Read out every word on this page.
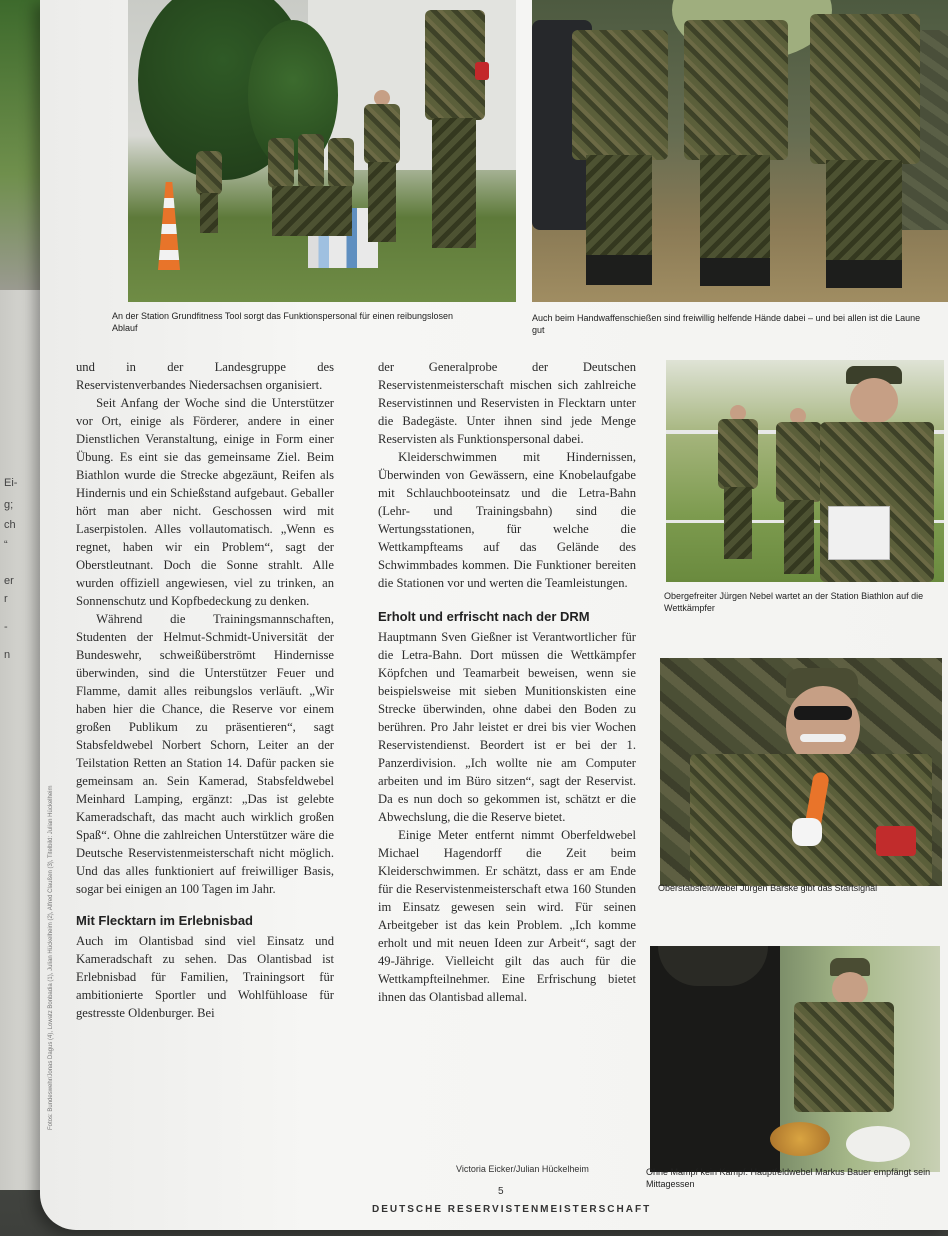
Ei-
g;
ch
“
er
r
-
n
Fotos: Bundeswehr/Jonas Dagus (4), Lowatz Bonbadia (1), Julian Hückelheim (2), Alfred Claußen (3), Titelbild: Julian Hückelheim
An der Station Grundfitness Tool sorgt das Funktionspersonal für einen reibungslosen Ablauf
Auch beim Handwaffenschießen sind freiwillig helfende Hände dabei – und bei allen ist die Laune gut

und in der Landesgruppe des Reservistenverbandes Niedersachsen organisiert.

Seit Anfang der Woche sind die Unterstützer vor Ort, einige als Förderer, andere in einer Dienstlichen Veranstaltung, einige in Form einer Übung. Es eint sie das gemeinsame Ziel. Beim Biathlon wurde die Strecke abgezäunt, Reifen als Hindernis und ein Schießstand aufgebaut. Geballer hört man aber nicht. Geschossen wird mit Laserpistolen. Alles vollautomatisch. „Wenn es regnet, haben wir ein Problem“, sagt der Oberstleutnant. Doch die Sonne strahlt. Alle wurden offiziell angewiesen, viel zu trinken, an Sonnenschutz und Kopfbedeckung zu denken.

Während die Trainingsmannschaften, Studenten der Helmut-Schmidt-Universität der Bundeswehr, schweißüberströmt Hindernisse überwinden, sind die Unterstützer Feuer und Flamme, damit alles reibungslos verläuft. „Wir haben hier die Chance, die Reserve vor einem großen Publikum zu präsentieren“, sagt Stabsfeldwebel Norbert Schorn, Leiter an der Teilstation Retten an Station 14. Dafür packen sie gemeinsam an. Sein Kamerad, Stabsfeldwebel Meinhard Lamping, ergänzt: „Das ist gelebte Kameradschaft, das macht auch wirklich großen Spaß“. Ohne die zahlreichen Unterstützer wäre die Deutsche Reservistenmeisterschaft nicht möglich. Und das alles funktioniert auf freiwilliger Basis, sogar bei einigen an 100 Tagen im Jahr.

Mit Flecktarn im Erlebnisbad

Auch im Olantisbad sind viel Einsatz und Kameradschaft zu sehen. Das Olantisbad ist Erlebnisbad für Familien, Trainingsort für ambitionierte Sportler und Wohlfühloase für gestresste Oldenburger. Bei

der Generalprobe der Deutschen Reservistenmeisterschaft mischen sich zahlreiche Reservistinnen und Reservisten in Flecktarn unter die Badegäste. Unter ihnen sind jede Menge Reservisten als Funktionspersonal dabei.

Kleiderschwimmen mit Hindernissen, Überwinden von Gewässern, eine Knobelaufgabe mit Schlauchbooteinsatz und die Letra-Bahn (Lehr- und Trainingsbahn) sind die Wertungsstationen, für welche die Wettkampfteams auf das Gelände des Schwimmbades kommen. Die Funktioner bereiten die Stationen vor und werten die Teamleistungen.

Erholt und erfrischt nach der DRM

Hauptmann Sven Gießner ist Verantwortlicher für die Letra-Bahn. Dort müssen die Wettkämpfer Köpfchen und Teamarbeit beweisen, wenn sie beispielsweise mit sieben Munitionskisten eine Strecke überwinden, ohne dabei den Boden zu berühren. Pro Jahr leistet er drei bis vier Wochen Reservistendienst. Beordert ist er bei der 1. Panzerdivision. „Ich wollte nie am Computer arbeiten und im Büro sitzen“, sagt der Reservist. Da es nun doch so gekommen ist, schätzt er die Abwechslung, die die Reserve bietet.

Einige Meter entfernt nimmt Oberfeldwebel Michael Hagendorff die Zeit beim Kleiderschwimmen. Er schätzt, dass er am Ende für die Reservistenmeisterschaft etwa 160 Stunden im Einsatz gewesen sein wird. Für seinen Arbeitgeber ist das kein Problem. „Ich komme erholt und mit neuen Ideen zur Arbeit“, sagt der 49-Jährige. Vielleicht gilt das auch für die Wettkampfteilnehmer. Eine Erfrischung bietet ihnen das Olantisbad allemal.

Victoria Eicker/Julian Hückelheim
5
DEUTSCHE RESERVISTENMEISTERSCHAFT
Obergefreiter Jürgen Nebel wartet an der Station Biathlon auf die Wettkämpfer
Oberstabsfeldwebel Jürgen Barske gibt das Startsignal
Ohne Mampf kein Kampf. Hauptfeldwebel Markus Bauer empfängt sein Mittagessen
